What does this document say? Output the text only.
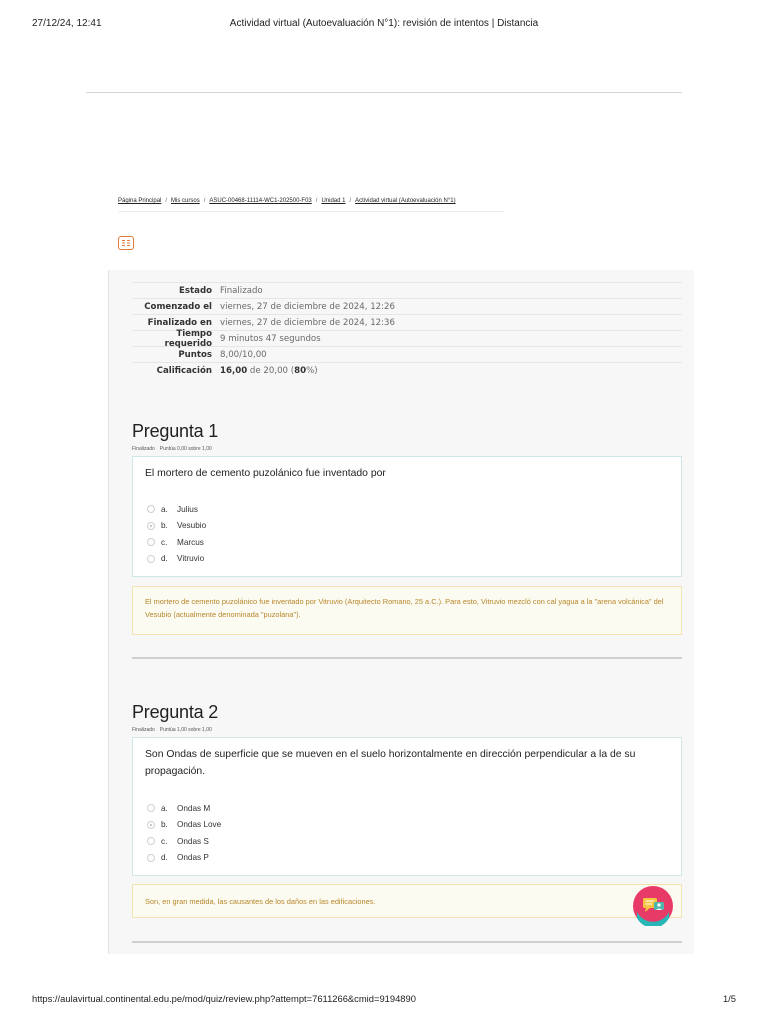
27/12/24, 12:41	Actividad virtual (Autoevaluación N°1): revisión de intentos | Distancia
Página Principal / Mis cursos / ASUC-00468-11114-WC1-202500-F03 / Unidad 1 / Actividad virtual (Autoevaluación N°1)
Estado Finalizado
Comenzado el viernes, 27 de diciembre de 2024, 12:26
Finalizado en viernes, 27 de diciembre de 2024, 12:36
Tiempo requerido 9 minutos 47 segundos
Puntos 8,00/10,00
Calificación 16,00 de 20,00 (80%)
Pregunta 1
Finalizado Puntúa 0,00 sobre 1,00
El mortero de cemento puzolánico fue inventado por
a.	Julius
b.	Vesubio
c.	Marcus
d.	Vitruvio
El mortero de cemento puzolánico fue inventado por Vitruvio (Arquitecto Romano, 25 a.C.). Para esto, Vitruvio mezcló con cal yagua a la "arena volcánica" del Vesubio (actualmente denominada "puzolana").
Pregunta 2
Finalizado Puntúa 1,00 sobre 1,00
Son Ondas de superficie que se mueven en el suelo horizontalmente en dirección perpendicular a la de su propagación.
a.	Ondas M
b.	Ondas Love
c.	Ondas S
d.	Ondas P
Son, en gran medida, las causantes de los daños en las edificaciones.
https://aulavirtual.continental.edu.pe/mod/quiz/review.php?attempt=7611266&cmid=9194890	1/5
